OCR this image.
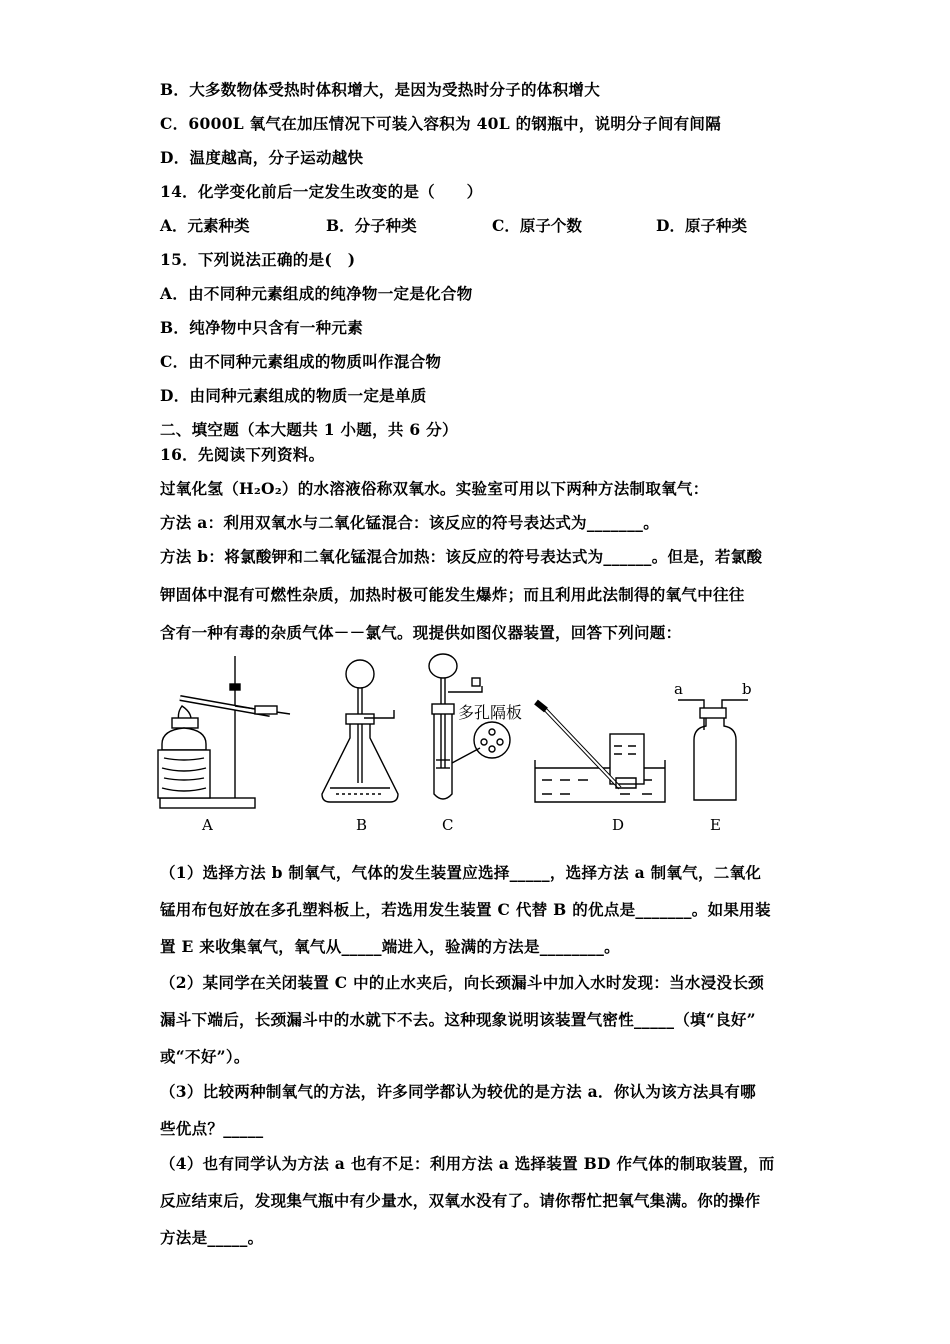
B．大多数物体受热时体积增大，是因为受热时分子的体积增大
C．6000L 氧气在加压情况下可装入容积为 40L 的钢瓶中，说明分子间有间隔
D．温度越高，分子运动越快
14．化学变化前后一定发生改变的是（　　）
A．元素种类	B．分子种类	C．原子个数	D．原子种类
15．下列说法正确的是(　)
A．由不同种元素组成的纯净物一定是化合物
B．纯净物中只含有一种元素
C．由不同种元素组成的物质叫作混合物
D．由同种元素组成的物质一定是单质
二、填空题（本大题共 1 小题，共 6 分）
16．先阅读下列资料。
过氧化氢（H₂O₂）的水溶液俗称双氧水。实验室可用以下两种方法制取氧气：
方法 a：利用双氧水与二氧化锰混合：该反应的符号表达式为_______。
方法 b：将氯酸钾和二氧化锰混合加热：该反应的符号表达式为______。但是，若氯酸
钾固体中混有可燃性杂质，加热时极可能发生爆炸；而且利用此法制得的氧气中往往
含有一种有毒的杂质气体－－氯气。现提供如图仪器装置，回答下列问题：
A	B
多孔隔板
C	D
a	b
E
（1）选择方法 b 制氧气，气体的发生装置应选择_____，选择方法 a 制氧气，二氧化
锰用布包好放在多孔塑料板上，若选用发生装置 C 代替 B 的优点是_______。如果用装
置 E 来收集氧气，氧气从_____端进入，验满的方法是________。
（2）某同学在关闭装置 C 中的止水夹后，向长颈漏斗中加入水时发现：当水浸没长颈
漏斗下端后，长颈漏斗中的水就下不去。这种现象说明该装置气密性_____（填“良好”
或“不好”）。
（3）比较两种制氧气的方法，许多同学都认为较优的是方法 a．你认为该方法具有哪
些优点？_____
（4）也有同学认为方法 a 也有不足：利用方法 a 选择装置 BD 作气体的制取装置，而
反应结束后，发现集气瓶中有少量水，双氧水没有了。请你帮忙把氧气集满。你的操作
方法是_____。
